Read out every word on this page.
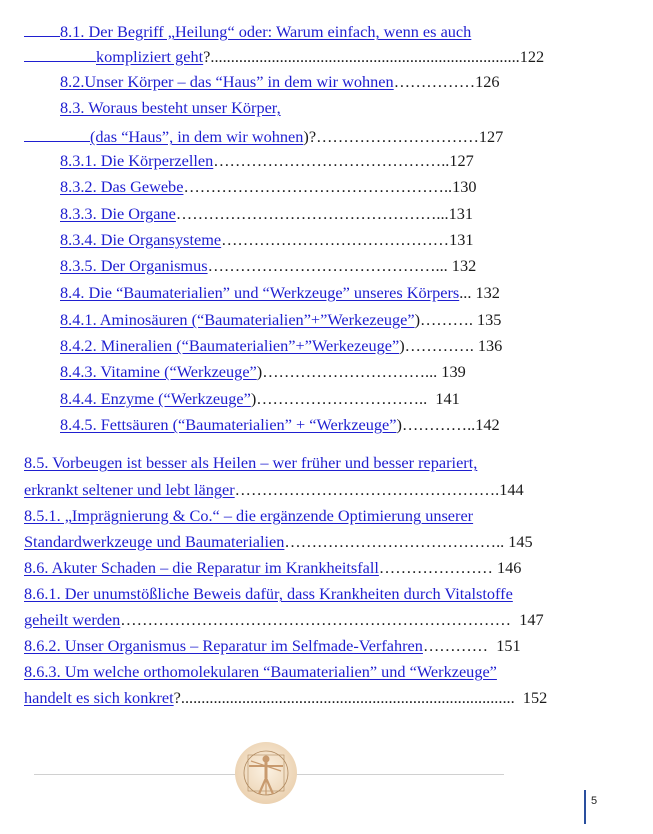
8.1. Der Begriff „Heilung“ oder: Warum einfach, wenn es auch
kompliziert geht?............................................................................122
8.2.Unser Körper – das “Haus” in dem wir wohnen……………126
8.3. Woraus besteht unser Körper,
(das “Haus”, in dem wir wohnen)?…………………………127
8.3.1. Die Körperzellen……………………………………..127
8.3.2. Das Gewebe…………………………………………..130
8.3.3. Die Organe…………………………………………...131
8.3.4. Die Organsysteme……………………………………131
8.3.5. Der Organismus……………………………………... 132
8.4. Die “Baumaterialien” und “Werkzeuge” unseres Körpers... 132
8.4.1. Aminosäuren (“Baumaterialien”+”Werkezeuge”)………. 135
8.4.2. Mineralien (“Baumaterialien”+”Werkezeuge”)…………. 136
8.4.3. Vitamine (“Werkzeuge”)…………………………... 139
8.4.4. Enzyme (“Werkzeuge”)…………………………..  141
8.4.5. Fettsäuren (“Baumaterialien” + “Werkzeuge”)…………..142
8.5. Vorbeugen ist besser als Heilen – wer früher und besser repariert,
erkrankt seltener und lebt länger………………………………………….144
8.5.1. „Imprägnierung & Co.“ – die ergänzende Optimierung unserer
Standardwerkzeuge und Baumaterialien………………………………….. 145
8.6. Akuter Schaden – die Reparatur im Krankheitsfall………………… 146
8.6.1. Der unumstößliche Beweis dafür, dass Krankheiten durch Vitalstoffe
geheilt werden………………………………………………………………  147
8.6.2. Unser Organismus – Reparatur im Selfmade-Verfahren…………  151
8.6.3. Um welche orthomolekularen “Baumaterialien” und “Werkzeuge”
handelt es sich konkret?..................................................................................  152
5
